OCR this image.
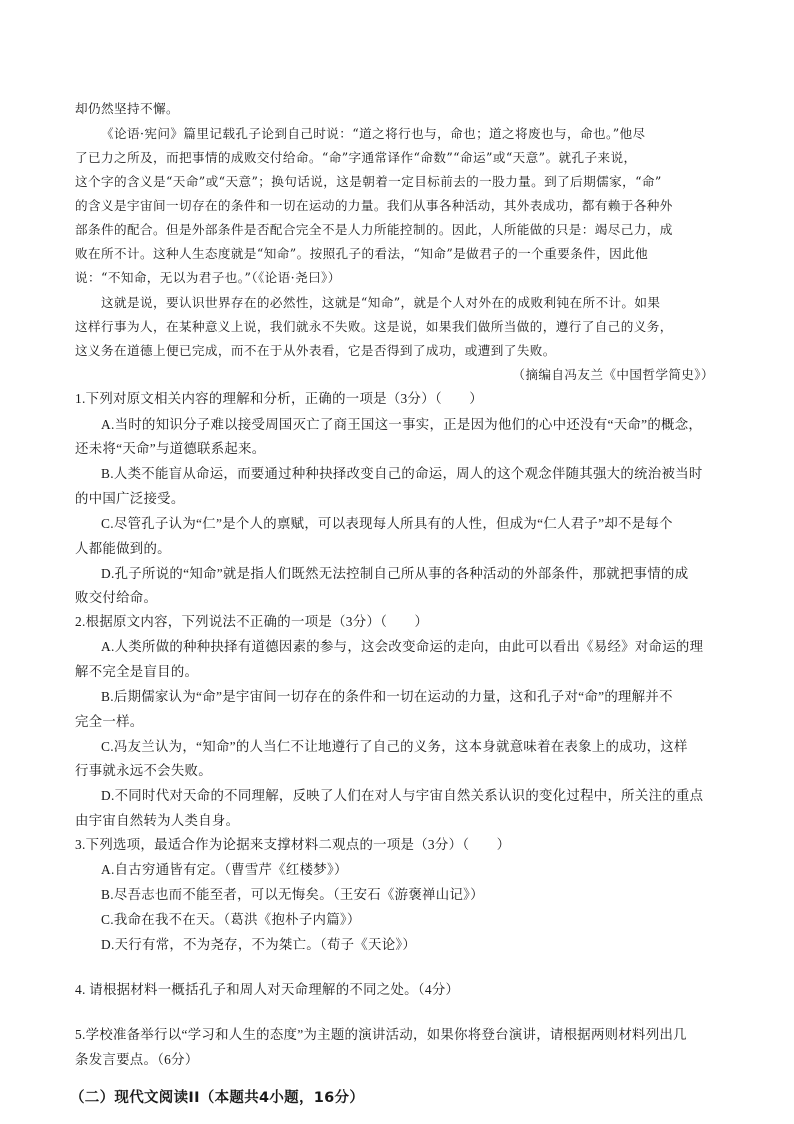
却仍然坚持不懈。
《论语·宪问》篇里记载孔子论到自己时说：“道之将行也与，命也；道之将废也与，命也。”他尽
了已力之所及，而把事情的成败交付给命。“命”字通常译作“命数”“命运”或“天意”。就孔子来说，
这个字的含义是“天命”或“天意”；换句话说，这是朝着一定目标前去的一股力量。到了后期儒家，“命”
的含义是宇宙间一切存在的条件和一切在运动的力量。我们从事各种活动，其外表成功，都有赖于各种外
部条件的配合。但是外部条件是否配合完全不是人力所能控制的。因此，人所能做的只是：竭尽己力，成
败在所不计。这种人生态度就是“知命”。按照孔子的看法，“知命”是做君子的一个重要条件，因此他
说：“不知命，无以为君子也。”（《论语·尧曰》）
这就是说，要认识世界存在的必然性，这就是“知命”，就是个人对外在的成败利钝在所不计。如果
这样行事为人，在某种意义上说，我们就永不失败。这是说，如果我们做所当做的，遵行了自己的义务，
这义务在道德上便已完成，而不在于从外表看，它是否得到了成功，或遭到了失败。
（摘编自冯友兰《中国哲学简史》）
1.下列对原文相关内容的理解和分析，正确的一项是（3分）（　　）
A.当时的知识分子难以接受周国灭亡了商王国这一事实，正是因为他们的心中还没有“天命”的概念，
还未将“天命”与道德联系起来。
B.人类不能盲从命运，而要通过种种抉择改变自己的命运，周人的这个观念伴随其强大的统治被当时
的中国广泛接受。
C.尽管孔子认为“仁”是个人的禀赋，可以表现每人所具有的人性，但成为“仁人君子”却不是每个
人都能做到的。
D.孔子所说的“知命”就是指人们既然无法控制自己所从事的各种活动的外部条件，那就把事情的成
败交付给命。
2.根据原文内容，下列说法不正确的一项是（3分）（　　）
A.人类所做的种种抉择有道德因素的参与，这会改变命运的走向，由此可以看出《易经》对命运的理
解不完全是盲目的。
B.后期儒家认为“命”是宇宙间一切存在的条件和一切在运动的力量，这和孔子对“命”的理解并不
完全一样。
C.冯友兰认为，“知命”的人当仁不让地遵行了自己的义务，这本身就意味着在表象上的成功，这样
行事就永远不会失败。
D.不同时代对天命的不同理解，反映了人们在对人与宇宙自然关系认识的变化过程中，所关注的重点
由宇宙自然转为人类自身。
3.下列选项，最适合作为论据来支撑材料二观点的一项是（3分）（　　）
A.自古穷通皆有定。（曹雪芹《红楼梦》）
B.尽吾志也而不能至者，可以无悔矣。（王安石《游褒禅山记》）
C.我命在我不在天。（葛洪《抱朴子内篇》）
D.天行有常，不为尧存，不为桀亡。（荀子《天论》）
4. 请根据材料一概括孔子和周人对天命理解的不同之处。（4分）
5.学校准备举行以“学习和人生的态度”为主题的演讲活动，如果你将登台演讲，请根据两则材料列出几
条发言要点。（6分）
（二）现代文阅读II（本题共4小题，16分）
